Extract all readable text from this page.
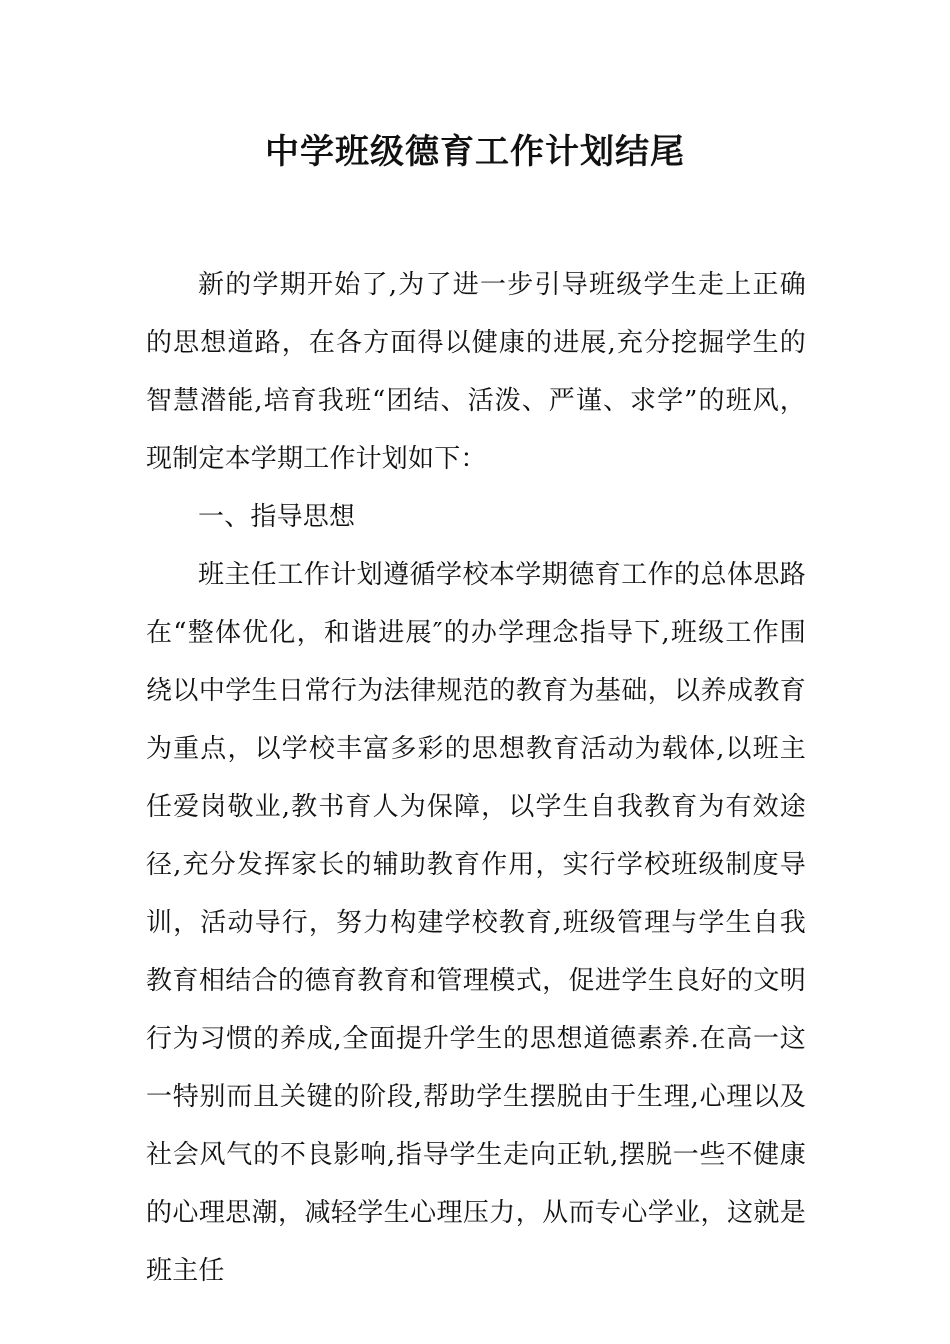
中学班级德育工作计划结尾

新的学期开始了,为了进一步引导班级学生走上正确的思想道路，在各方面得以健康的进展,充分挖掘学生的智慧潜能,培育我班“团结、活泼、严谨、求学”的班风，现制定本学期工作计划如下：

一、指导思想

班主任工作计划遵循学校本学期德育工作的总体思路在“整体优化，和谐进展″的办学理念指导下,班级工作围绕以中学生日常行为法律规范的教育为基础，以养成教育为重点，以学校丰富多彩的思想教育活动为载体,以班主任爱岗敬业,教书育人为保障，以学生自我教育为有效途径,充分发挥家长的辅助教育作用，实行学校班级制度导训，活动导行，努力构建学校教育,班级管理与学生自我教育相结合的德育教育和管理模式，促进学生良好的文明行为习惯的养成,全面提升学生的思想道德素养.在高一这一特别而且关键的阶段,帮助学生摆脱由于生理,心理以及社会风气的不良影响,指导学生走向正轨,摆脱一些不健康的心理思潮，减轻学生心理压力，从而专心学业，这就是班主任
